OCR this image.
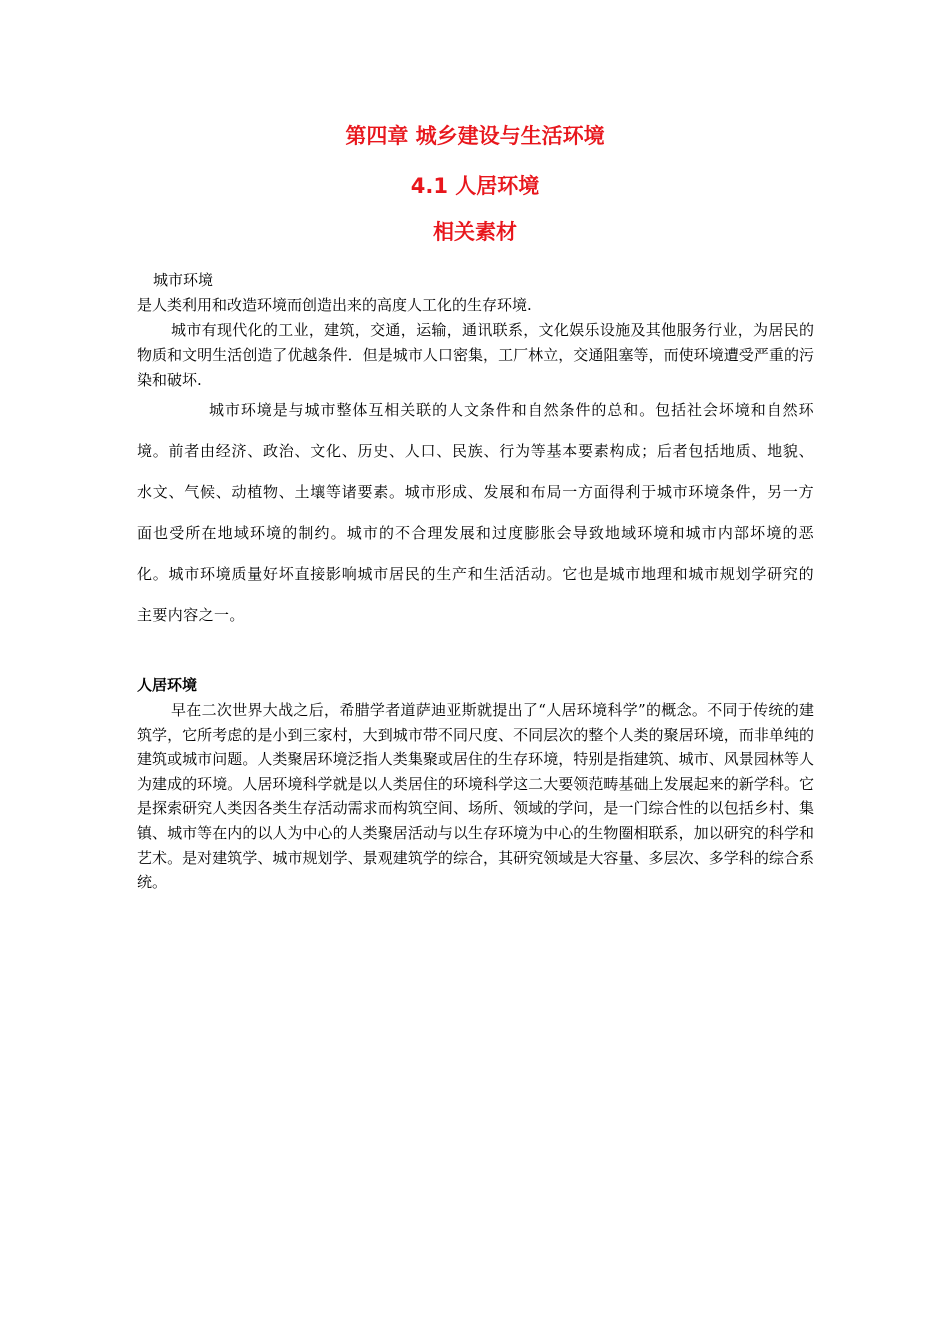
第四章 城乡建设与生活环境
4.1 人居环境
相关素材
城市环境
是人类利用和改造环境而创造出来的高度人工化的生存环境.

城市有现代化的工业，建筑，交通，运输，通讯联系，文化娱乐设施及其他服务行业，为居民的物质和文明生活创造了优越条件．但是城市人口密集，工厂林立，交通阻塞等，而使环境遭受严重的污染和破坏.

城市环境是与城市整体互相关联的人文条件和自然条件的总和。包括社会坏境和自然环境。前者由经济、政治、文化、历史、人口、民族、行为等基本要素构成；后者包括地质、地貌、水文、气候、动植物、土壤等诸要素。城市形成、发展和布局一方面得利于城市环境条件，另一方面也受所在地域环境的制约。城市的不合理发展和过度膨胀会导致地域环境和城市内部坏境的恶化。城市环境质量好坏直接影响城市居民的生产和生活活动。它也是城市地理和城市规划学研究的主要内容之一。

人居环境

早在二次世界大战之后，希腊学者道萨迪亚斯就提出了“人居环境科学”的概念。不同于传统的建筑学，它所考虑的是小到三家村，大到城市带不同尺度、不同层次的整个人类的聚居环境，而非单纯的建筑或城市问题。人类聚居环境泛指人类集聚或居住的生存环境，特别是指建筑、城市、风景园林等人为建成的环境。人居环境科学就是以人类居住的环境科学这二大要领范畴基础上发展起来的新学科。它是探索研究人类因各类生存活动需求而构筑空间、场所、领域的学问，是一门综合性的以包括乡村、集镇、城市等在内的以人为中心的人类聚居活动与以生存环境为中心的生物圈相联系，加以研究的科学和艺术。是对建筑学、城市规划学、景观建筑学的综合，其研究领域是大容量、多层次、多学科的综合系统。
